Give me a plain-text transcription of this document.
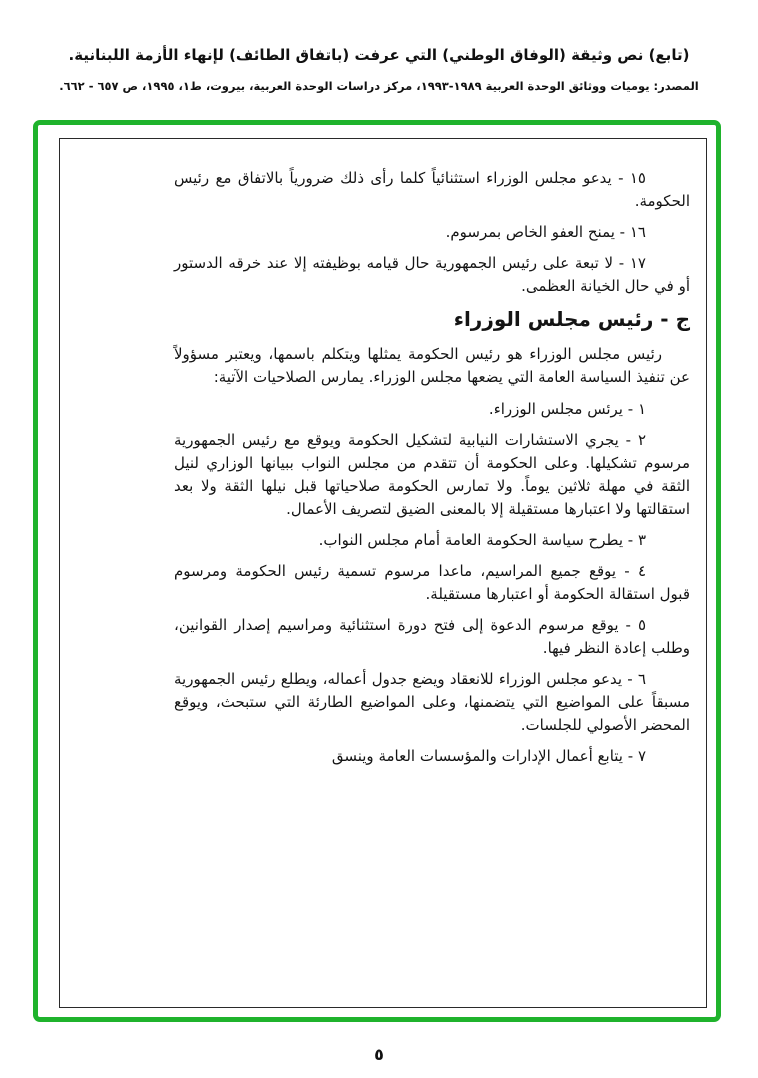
(تابع) نص وثيقة (الوفاق الوطني) التي عرفت (باتفاق الطائف) لإنهاء الأزمة اللبنانية.
المصدر: يوميات ووثائق الوحدة العربية ١٩٨٩-١٩٩٣، مركز دراسات الوحدة العربية، بيروت، ط١، ١٩٩٥، ص ٦٥٧ - ٦٦٢.

١٥ - يدعو مجلس الوزراء استثنائياً كلما رأى ذلك ضرورياً بالاتفاق مع رئيس الحكومة.

١٦ - يمنح العفو الخاص بمرسوم.

١٧ - لا تبعة على رئيس الجمهورية حال قيامه بوظيفته إلا عند خرقه الدستور أو في حال الخيانة العظمى.

ج - رئيس مجلس الوزراء

رئيس مجلس الوزراء هو رئيس الحكومة يمثلها ويتكلم باسمها، ويعتبر مسؤولاً عن تنفيذ السياسة العامة التي يضعها مجلس الوزراء. يمارس الصلاحيات الآتية:

١ - يرئس مجلس الوزراء.

٢ - يجري الاستشارات النيابية لتشكيل الحكومة ويوقع مع رئيس الجمهورية مرسوم تشكيلها. وعلى الحكومة أن تتقدم من مجلس النواب ببيانها الوزاري لنيل الثقة في مهلة ثلاثين يوماً. ولا تمارس الحكومة صلاحياتها قبل نيلها الثقة ولا بعد استقالتها ولا اعتبارها مستقيلة إلا بالمعنى الضيق لتصريف الأعمال.

٣ - يطرح سياسة الحكومة العامة أمام مجلس النواب.

٤ - يوقع جميع المراسيم، ماعدا مرسوم تسمية رئيس الحكومة ومرسوم قبول استقالة الحكومة أو اعتبارها مستقيلة.

٥ - يوقع مرسوم الدعوة إلى فتح دورة استثنائية ومراسيم إصدار القوانين، وطلب إعادة النظر فيها.

٦ - يدعو مجلس الوزراء للانعقاد ويضع جدول أعماله، ويطلع رئيس الجمهورية مسبقاً على المواضيع التي يتضمنها، وعلى المواضيع الطارئة التي ستبحث، ويوقع المحضر الأصولي للجلسات.

٧ - يتابع أعمال الإدارات والمؤسسات العامة وينسق

٥
